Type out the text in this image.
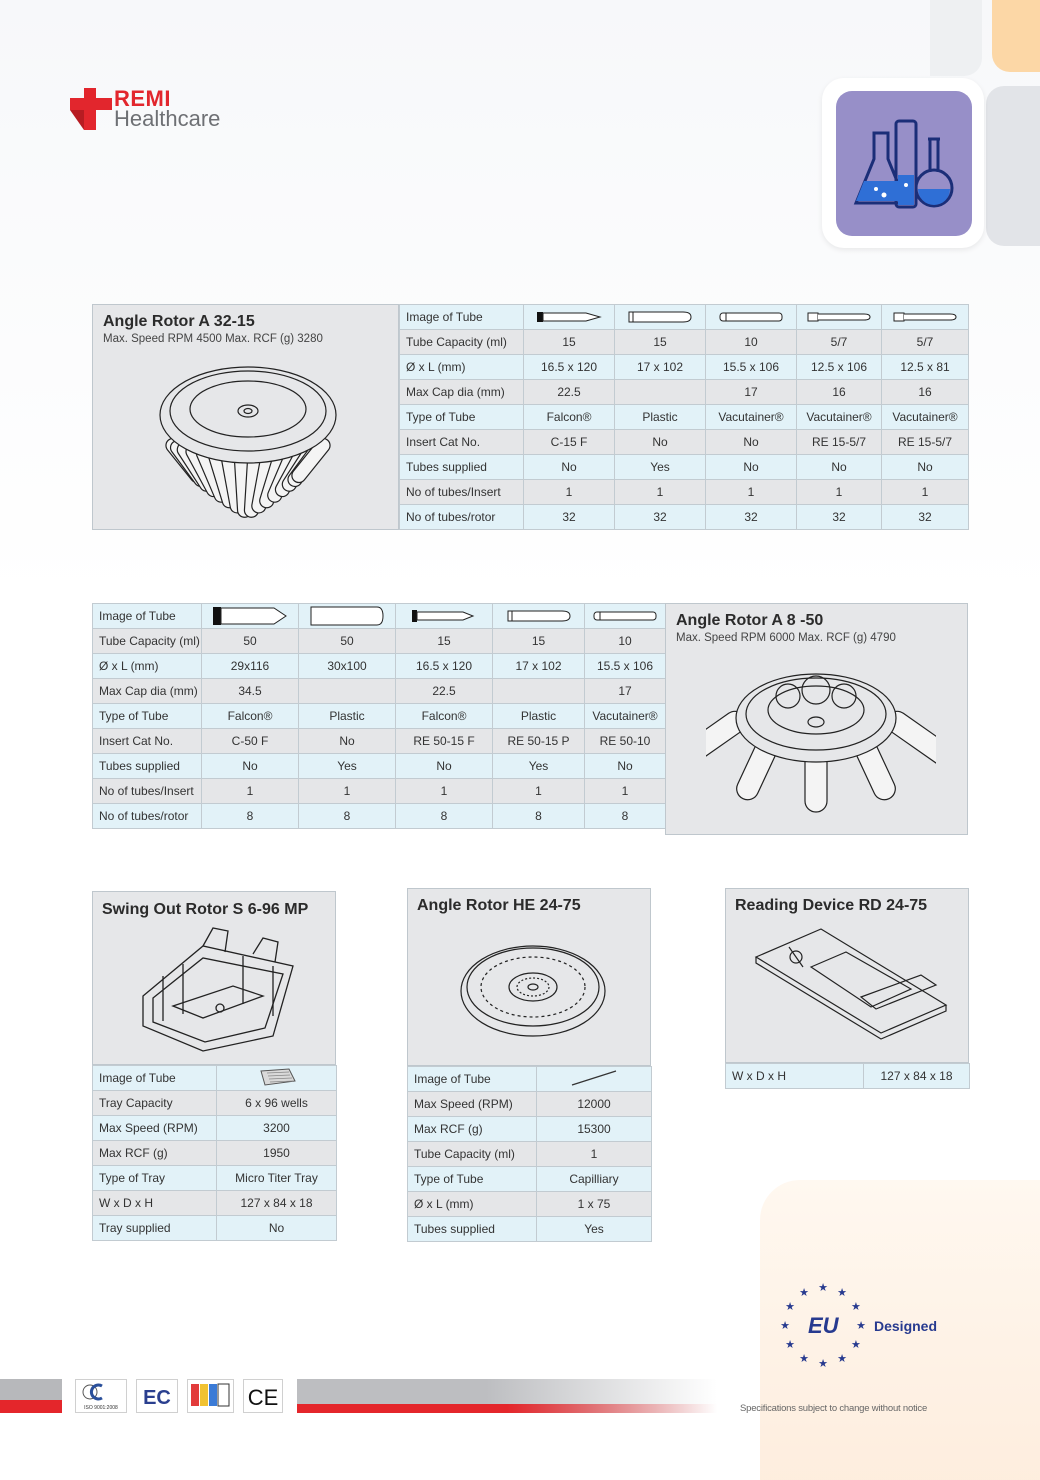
REMI
Healthcare
Angle Rotor A 32-15
Max. Speed RPM 4500 Max. RCF (g) 3280
Image of Tube	

Tube Capacity (ml)	15	15	10	5/7	5/7
Ø x L (mm)	16.5 x 120	17 x 102	15.5 x 106	12.5 x 106	12.5 x 81
Max Cap dia (mm)	22.5		17	16	16
Type of Tube	Falcon®	Plastic	Vacutainer®	Vacutainer®	Vacutainer®
Insert Cat No.	C-15 F	No	No	RE 15-5/7	RE 15-5/7
Tubes supplied	No	Yes	No	No	No
No of tubes/Insert	1	1	1	1	1
No of tubes/rotor	32	32	32	32	32
Image of Tube	

Tube Capacity (ml)	50	50	15	15	10
Ø x L (mm)	29x116	30x100	16.5 x 120	17 x 102	15.5 x 106
Max Cap dia (mm)	34.5		22.5		17
Type of Tube	Falcon®	Plastic	Falcon®	Plastic	Vacutainer®
Insert Cat No.	C-50 F	No	RE 50-15 F	RE 50-15 P	RE 50-10
Tubes supplied	No	Yes	No	Yes	No
No of tubes/Insert	1	1	1	1	1
No of tubes/rotor	8	8	8	8	8
Angle Rotor A 8 -50
Max. Speed RPM 6000 Max. RCF (g) 4790
Swing Out Rotor S 6-96 MP
Image of Tube	
Tray Capacity	6 x 96 wells
Max Speed (RPM)	3200
Max RCF (g)	1950
Type of Tray	Micro Titer Tray
W x D x H	127 x 84 x 18
Tray supplied	No
Angle Rotor HE 24-75
Image of Tube	
Max Speed (RPM)	12000
Max RCF (g)	15300
Tube Capacity (ml)	1
Type of Tube	Capilliary
Ø x L (mm)	1 x 75
Tubes supplied	Yes
Reading Device RD 24-75
W x D x H	127 x 84 x 18
★ ★
★
★
★
★
★
★
★
★
★
★
EU	Designed
ISO 9001:2008 EC	CE	Specifications subject to change without notice
